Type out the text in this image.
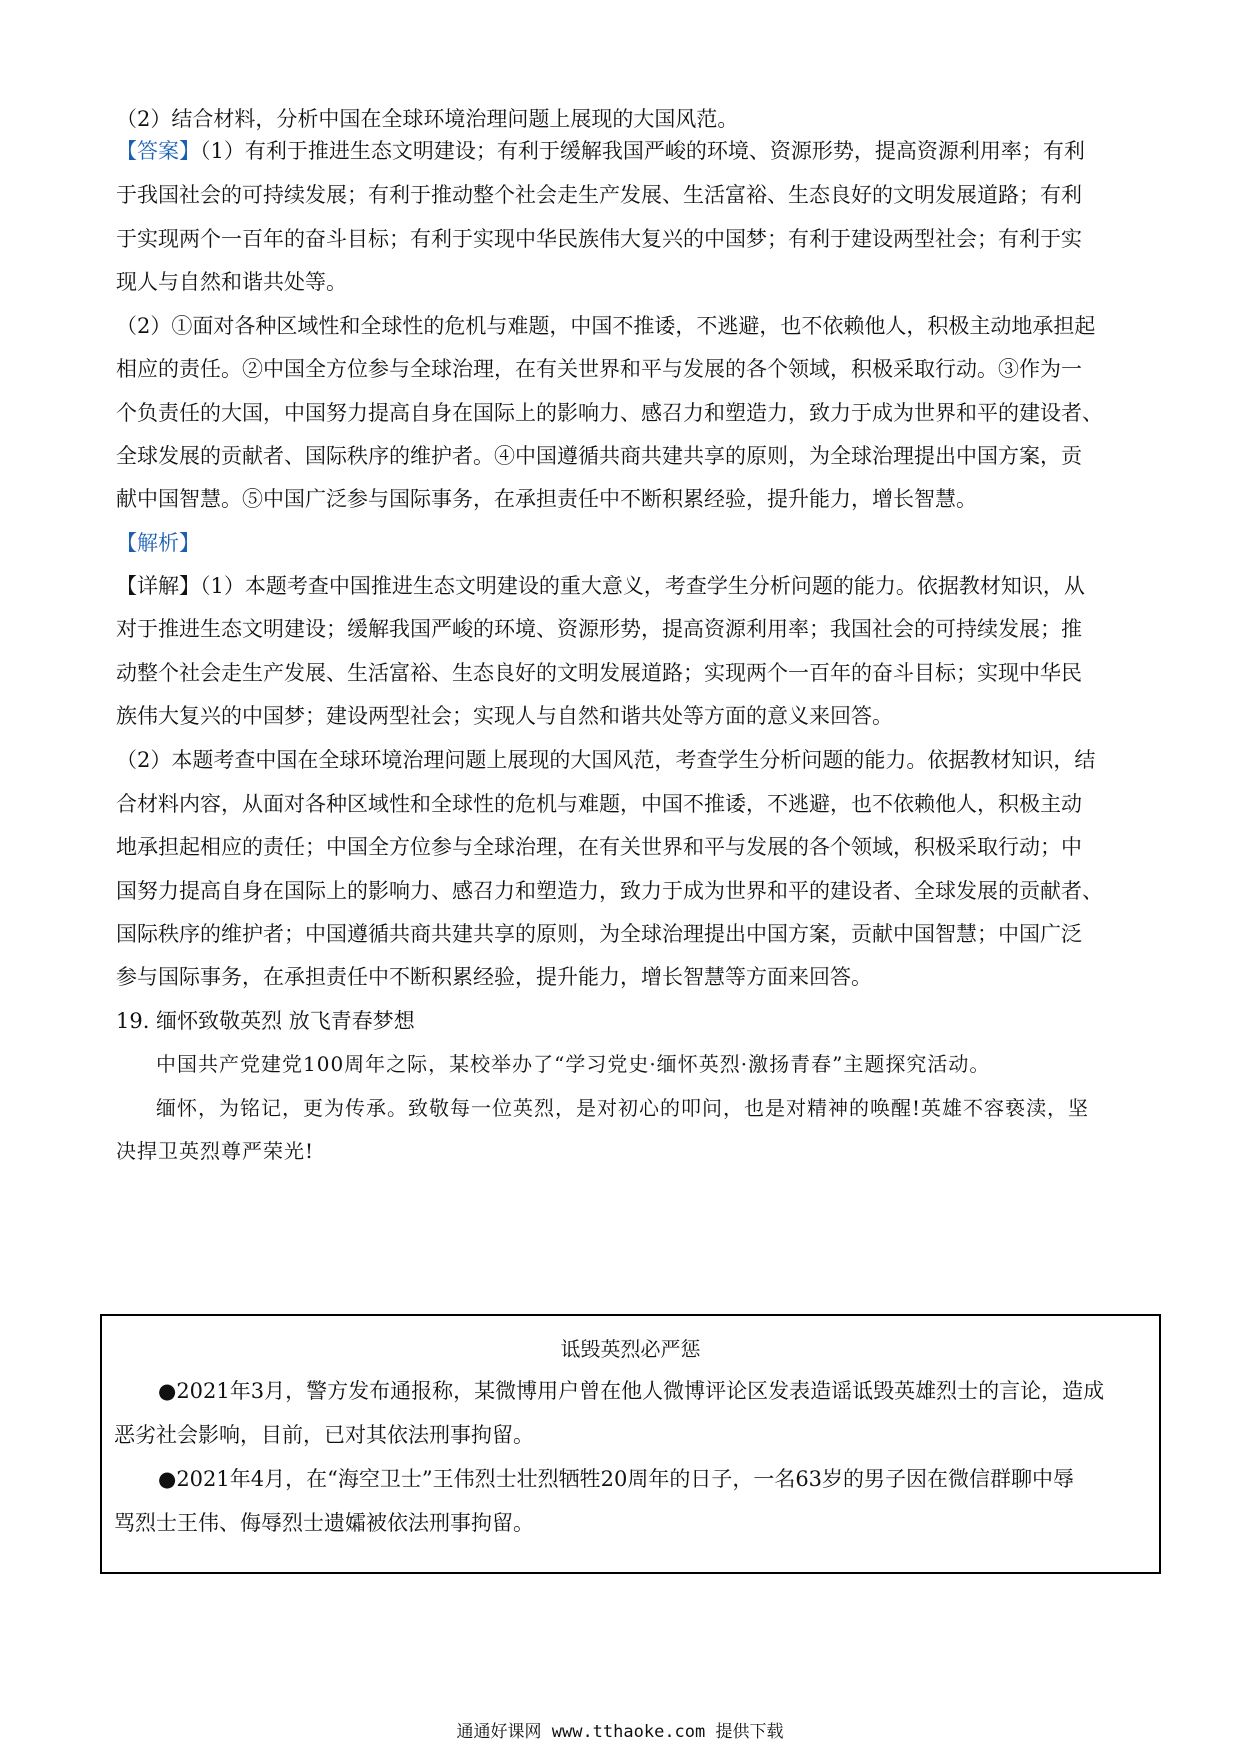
（2）结合材料，分析中国在全球环境治理问题上展现的大国风范。
【答案】（1）有利于推进生态文明建设；有利于缓解我国严峻的环境、资源形势，提高资源利用率；有利
于我国社会的可持续发展；有利于推动整个社会走生产发展、生活富裕、生态良好的文明发展道路；有利
于实现两个一百年的奋斗目标；有利于实现中华民族伟大复兴的中国梦；有利于建设两型社会；有利于实
现人与自然和谐共处等。
（2）①面对各种区域性和全球性的危机与难题，中国不推诿，不逃避，也不依赖他人，积极主动地承担起
相应的责任。②中国全方位参与全球治理，在有关世界和平与发展的各个领域，积极采取行动。③作为一
个负责任的大国，中国努力提高自身在国际上的影响力、感召力和塑造力，致力于成为世界和平的建设者、
全球发展的贡献者、国际秩序的维护者。④中国遵循共商共建共享的原则，为全球治理提出中国方案，贡
献中国智慧。⑤中国广泛参与国际事务，在承担责任中不断积累经验，提升能力，增长智慧。
【解析】
【详解】（1）本题考查中国推进生态文明建设的重大意义，考查学生分析问题的能力。依据教材知识，从
对于推进生态文明建设；缓解我国严峻的环境、资源形势，提高资源利用率；我国社会的可持续发展；推
动整个社会走生产发展、生活富裕、生态良好的文明发展道路；实现两个一百年的奋斗目标；实现中华民
族伟大复兴的中国梦；建设两型社会；实现人与自然和谐共处等方面的意义来回答。
（2）本题考查中国在全球环境治理问题上展现的大国风范，考查学生分析问题的能力。依据教材知识，结
合材料内容，从面对各种区域性和全球性的危机与难题，中国不推诿，不逃避，也不依赖他人，积极主动
地承担起相应的责任；中国全方位参与全球治理，在有关世界和平与发展的各个领域，积极采取行动；中
国努力提高自身在国际上的影响力、感召力和塑造力，致力于成为世界和平的建设者、全球发展的贡献者、
国际秩序的维护者；中国遵循共商共建共享的原则，为全球治理提出中国方案，贡献中国智慧；中国广泛
参与国际事务，在承担责任中不断积累经验，提升能力，增长智慧等方面来回答。
19. 缅怀致敬英烈 放飞青春梦想
中国共产党建党100周年之际，某校举办了“学习党史·缅怀英烈·激扬青春”主题探究活动。
缅怀，为铭记，更为传承。致敬每一位英烈，是对初心的叩问，也是对精神的唤醒!英雄不容亵渎，坚
决捍卫英烈尊严荣光!
诋毁英烈必严惩
●2021年3月，警方发布通报称，某微博用户曾在他人微博评论区发表造谣诋毁英雄烈士的言论，造成
恶劣社会影响，目前，已对其依法刑事拘留。
●2021年4月，在“海空卫士”王伟烈士壮烈牺牲20周年的日子，一名63岁的男子因在微信群聊中辱
骂烈士王伟、侮辱烈士遗孀被依法刑事拘留。
通通好课网 www.tthaoke.com 提供下载
